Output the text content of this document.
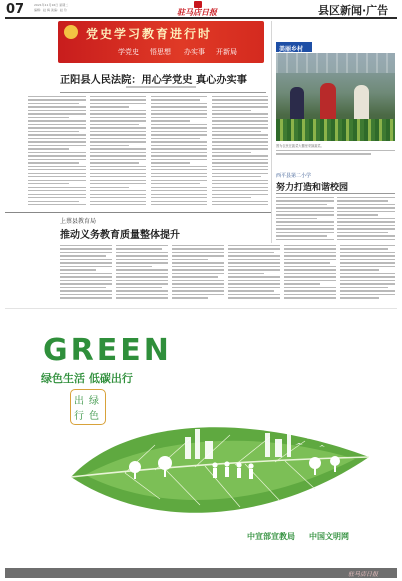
07	2021年11月16日 星期二
编辑：赵 梅 美编：赵 玲	驻马店日报	县区新闻·广告
党史学习教育进行时
学党史 悟思想 办实事 开新局
正阳县人民法院：用心学党史 真心办实事
美丽乡村
图为农民在蔬菜大棚里采摘蔬菜。
西平县第二小学
努力打造和谐校园
上蔡县教育局
推动义务教育质量整体提升
GREEN
绿色生活 低碳出行
出 绿
行 色
中宣部宣教局 中国文明网
驻马店日报
